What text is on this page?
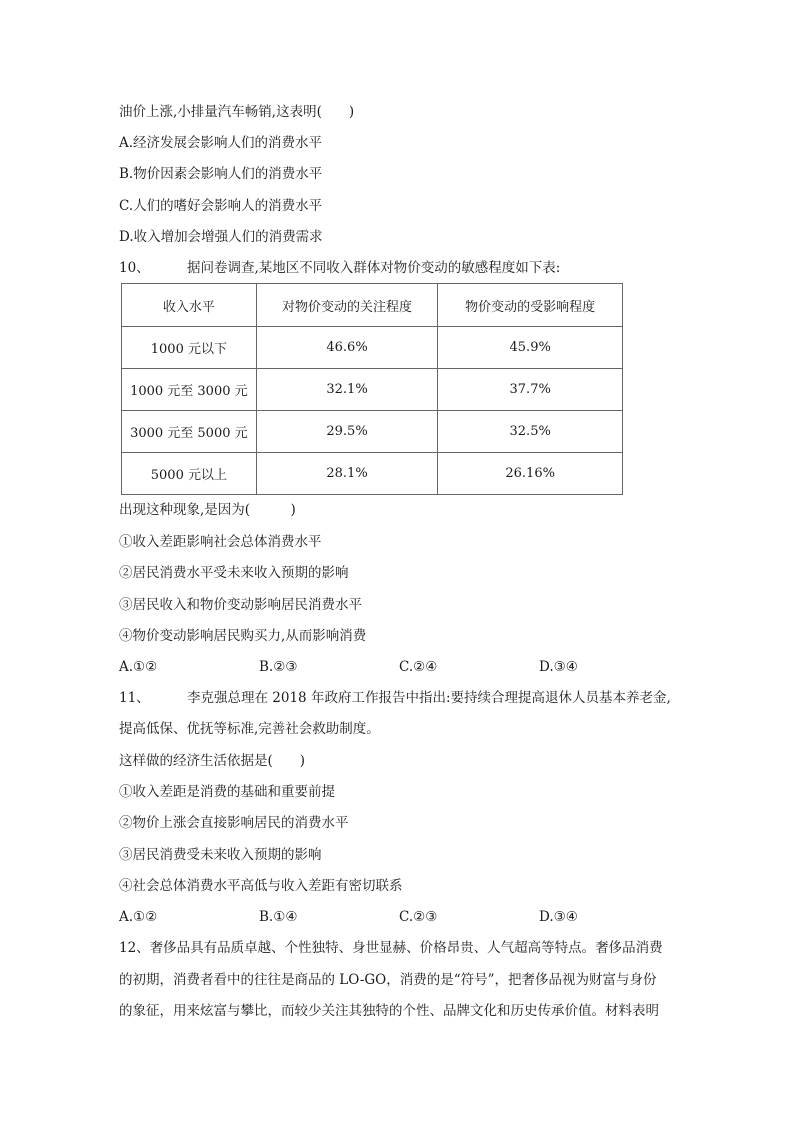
油价上涨,小排量汽车畅销,这表明(　　)
A.经济发展会影响人们的消费水平
B.物价因素会影响人们的消费水平
C.人们的嗜好会影响人的消费水平
D.收入增加会增强人们的消费需求
10、	据问卷调查,某地区不同收入群体对物价变动的敏感程度如下表:
收入水平	对物价变动的关注程度	物价变动的受影响程度
1000 元以下	46.6%	45.9%
1000 元至 3000 元	32.1%	37.7%
3000 元至 5000 元	29.5%	32.5%
5000 元以上	28.1%	26.16%
出现这种现象,是因为(　　　)
①收入差距影响社会总体消费水平
②居民消费水平受未来收入预期的影响
③居民收入和物价变动影响居民消费水平
④物价变动影响居民购买力,从而影响消费
A.①②	B.②③	C.②④	D.③④
11、	李克强总理在 2018 年政府工作报告中指出:要持续合理提高退休人员基本养老金,
提高低保、优抚等标准,完善社会救助制度。
这样做的经济生活依据是(　　)
①收入差距是消费的基础和重要前提
②物价上涨会直接影响居民的消费水平
③居民消费受未来收入预期的影响
④社会总体消费水平高低与收入差距有密切联系
A.①②	B.①④	C.②③	D.③④
12、奢侈品具有品质卓越、个性独特、身世显赫、价格昂贵、人气超高等特点。奢侈品消费
的初期，消费者看中的往往是商品的 LO-GO，消费的是“符号”，把奢侈品视为财富与身份
的象征，用来炫富与攀比，而较少关注其独特的个性、品牌文化和历史传承价值。材料表明
